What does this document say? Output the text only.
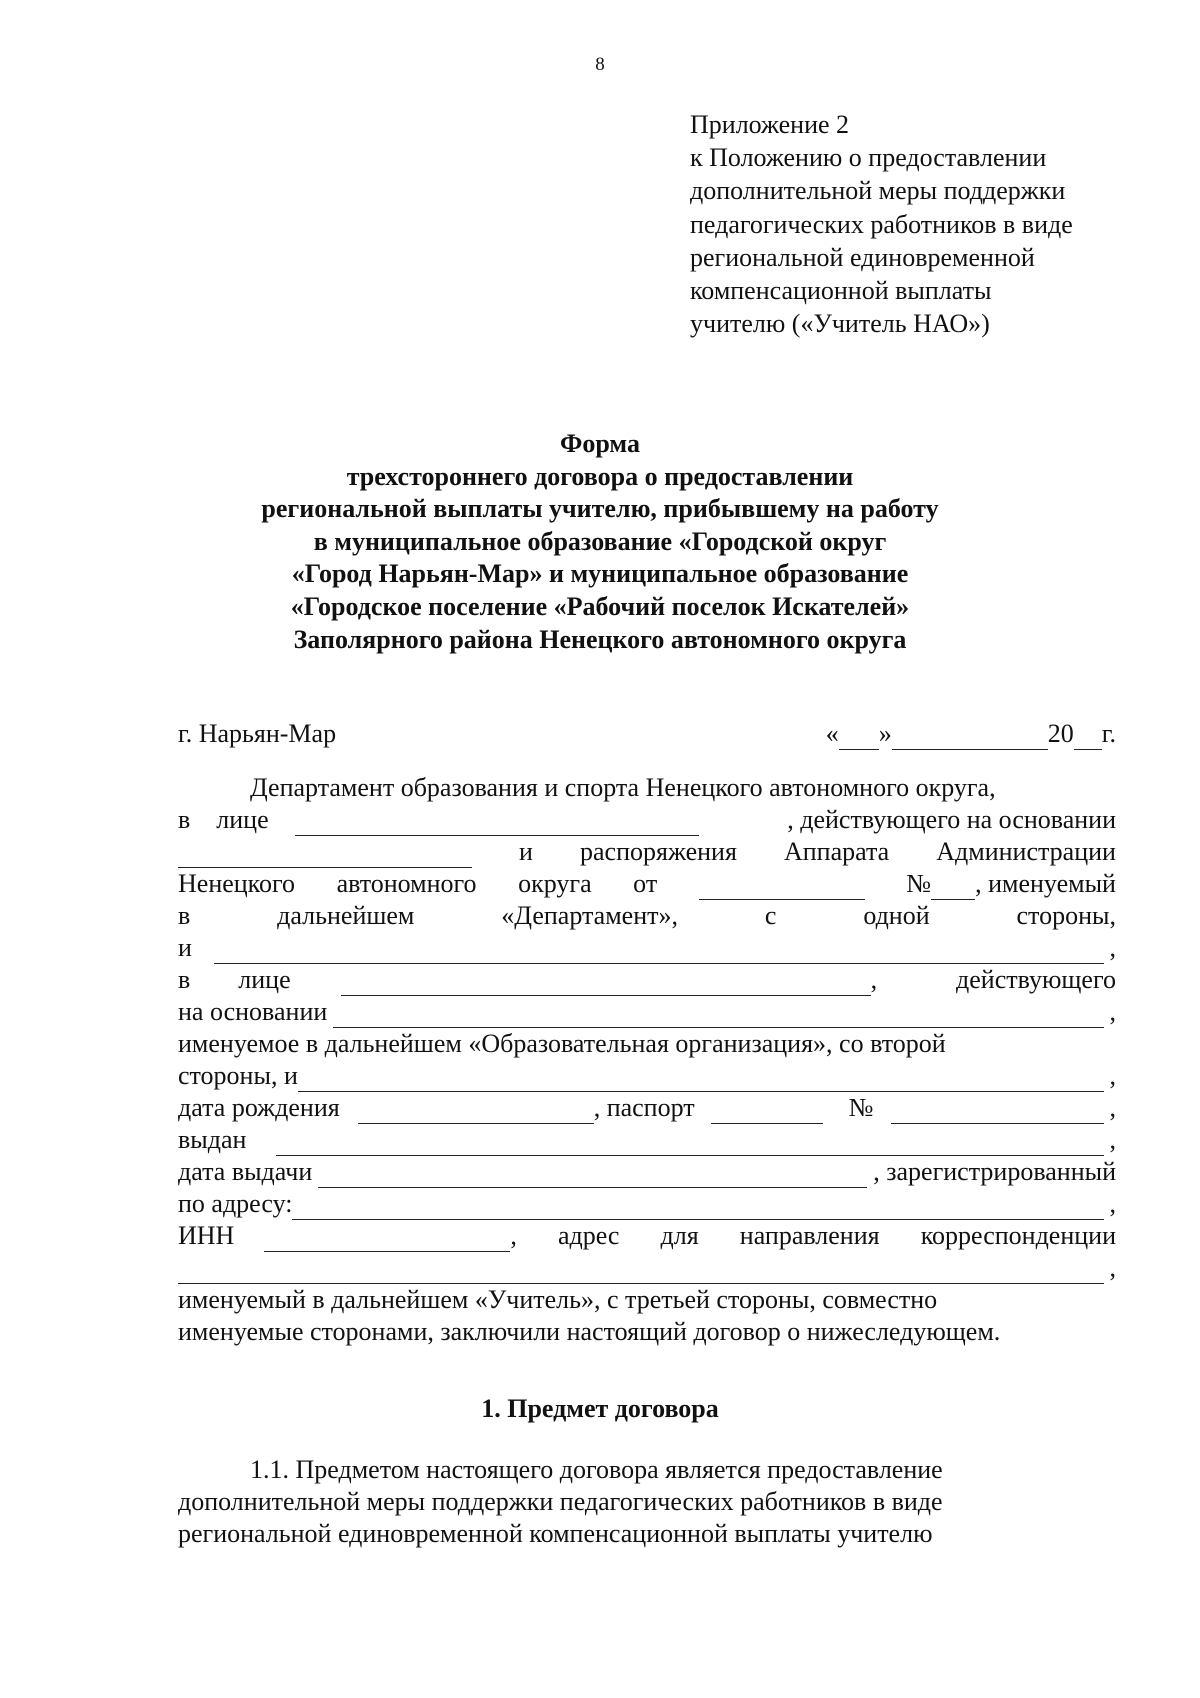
8
Приложение 2
к Положению о предоставлении
дополнительной меры поддержки
педагогических работников в виде
региональной единовременной
компенсационной выплаты
учителю («Учитель НАО»)
Форма
трехстороннего договора о предоставлении
региональной выплаты учителю, прибывшему на работу
в муниципальное образование «Городской округ
«Город Нарьян-Мар» и муниципальное образование
«Городское поселение «Рабочий поселок Искателей»
Заполярного района Ненецкого автономного округа
г. Нарьян-Мар	« »	20 г.
Департамент образования и спорта Ненецкого автономного округа,
в лице	, действующего на основании
и распоряжения Аппарата Администрации
Ненецкого автономного округа от	№ , именуемый
в	дальнейшем	«Департамент»,	с	одной	стороны,
и	,
в лице	,	действующего
на основании	,
именуемое в дальнейшем «Образовательная организация», со второй
стороны, и	,
дата рождения	, паспорт	№	,
выдан	,
дата выдачи	, зарегистрированный
по адресу:	,
ИНН	, адрес для направления корреспонденции
,
именуемый в дальнейшем «Учитель», с третьей стороны, совместно
именуемые сторонами, заключили настоящий договор о нижеследующем.
1. Предмет договора
1.1. Предметом настоящего договора является предоставление
дополнительной меры поддержки педагогических работников в виде
региональной единовременной компенсационной выплаты учителю
